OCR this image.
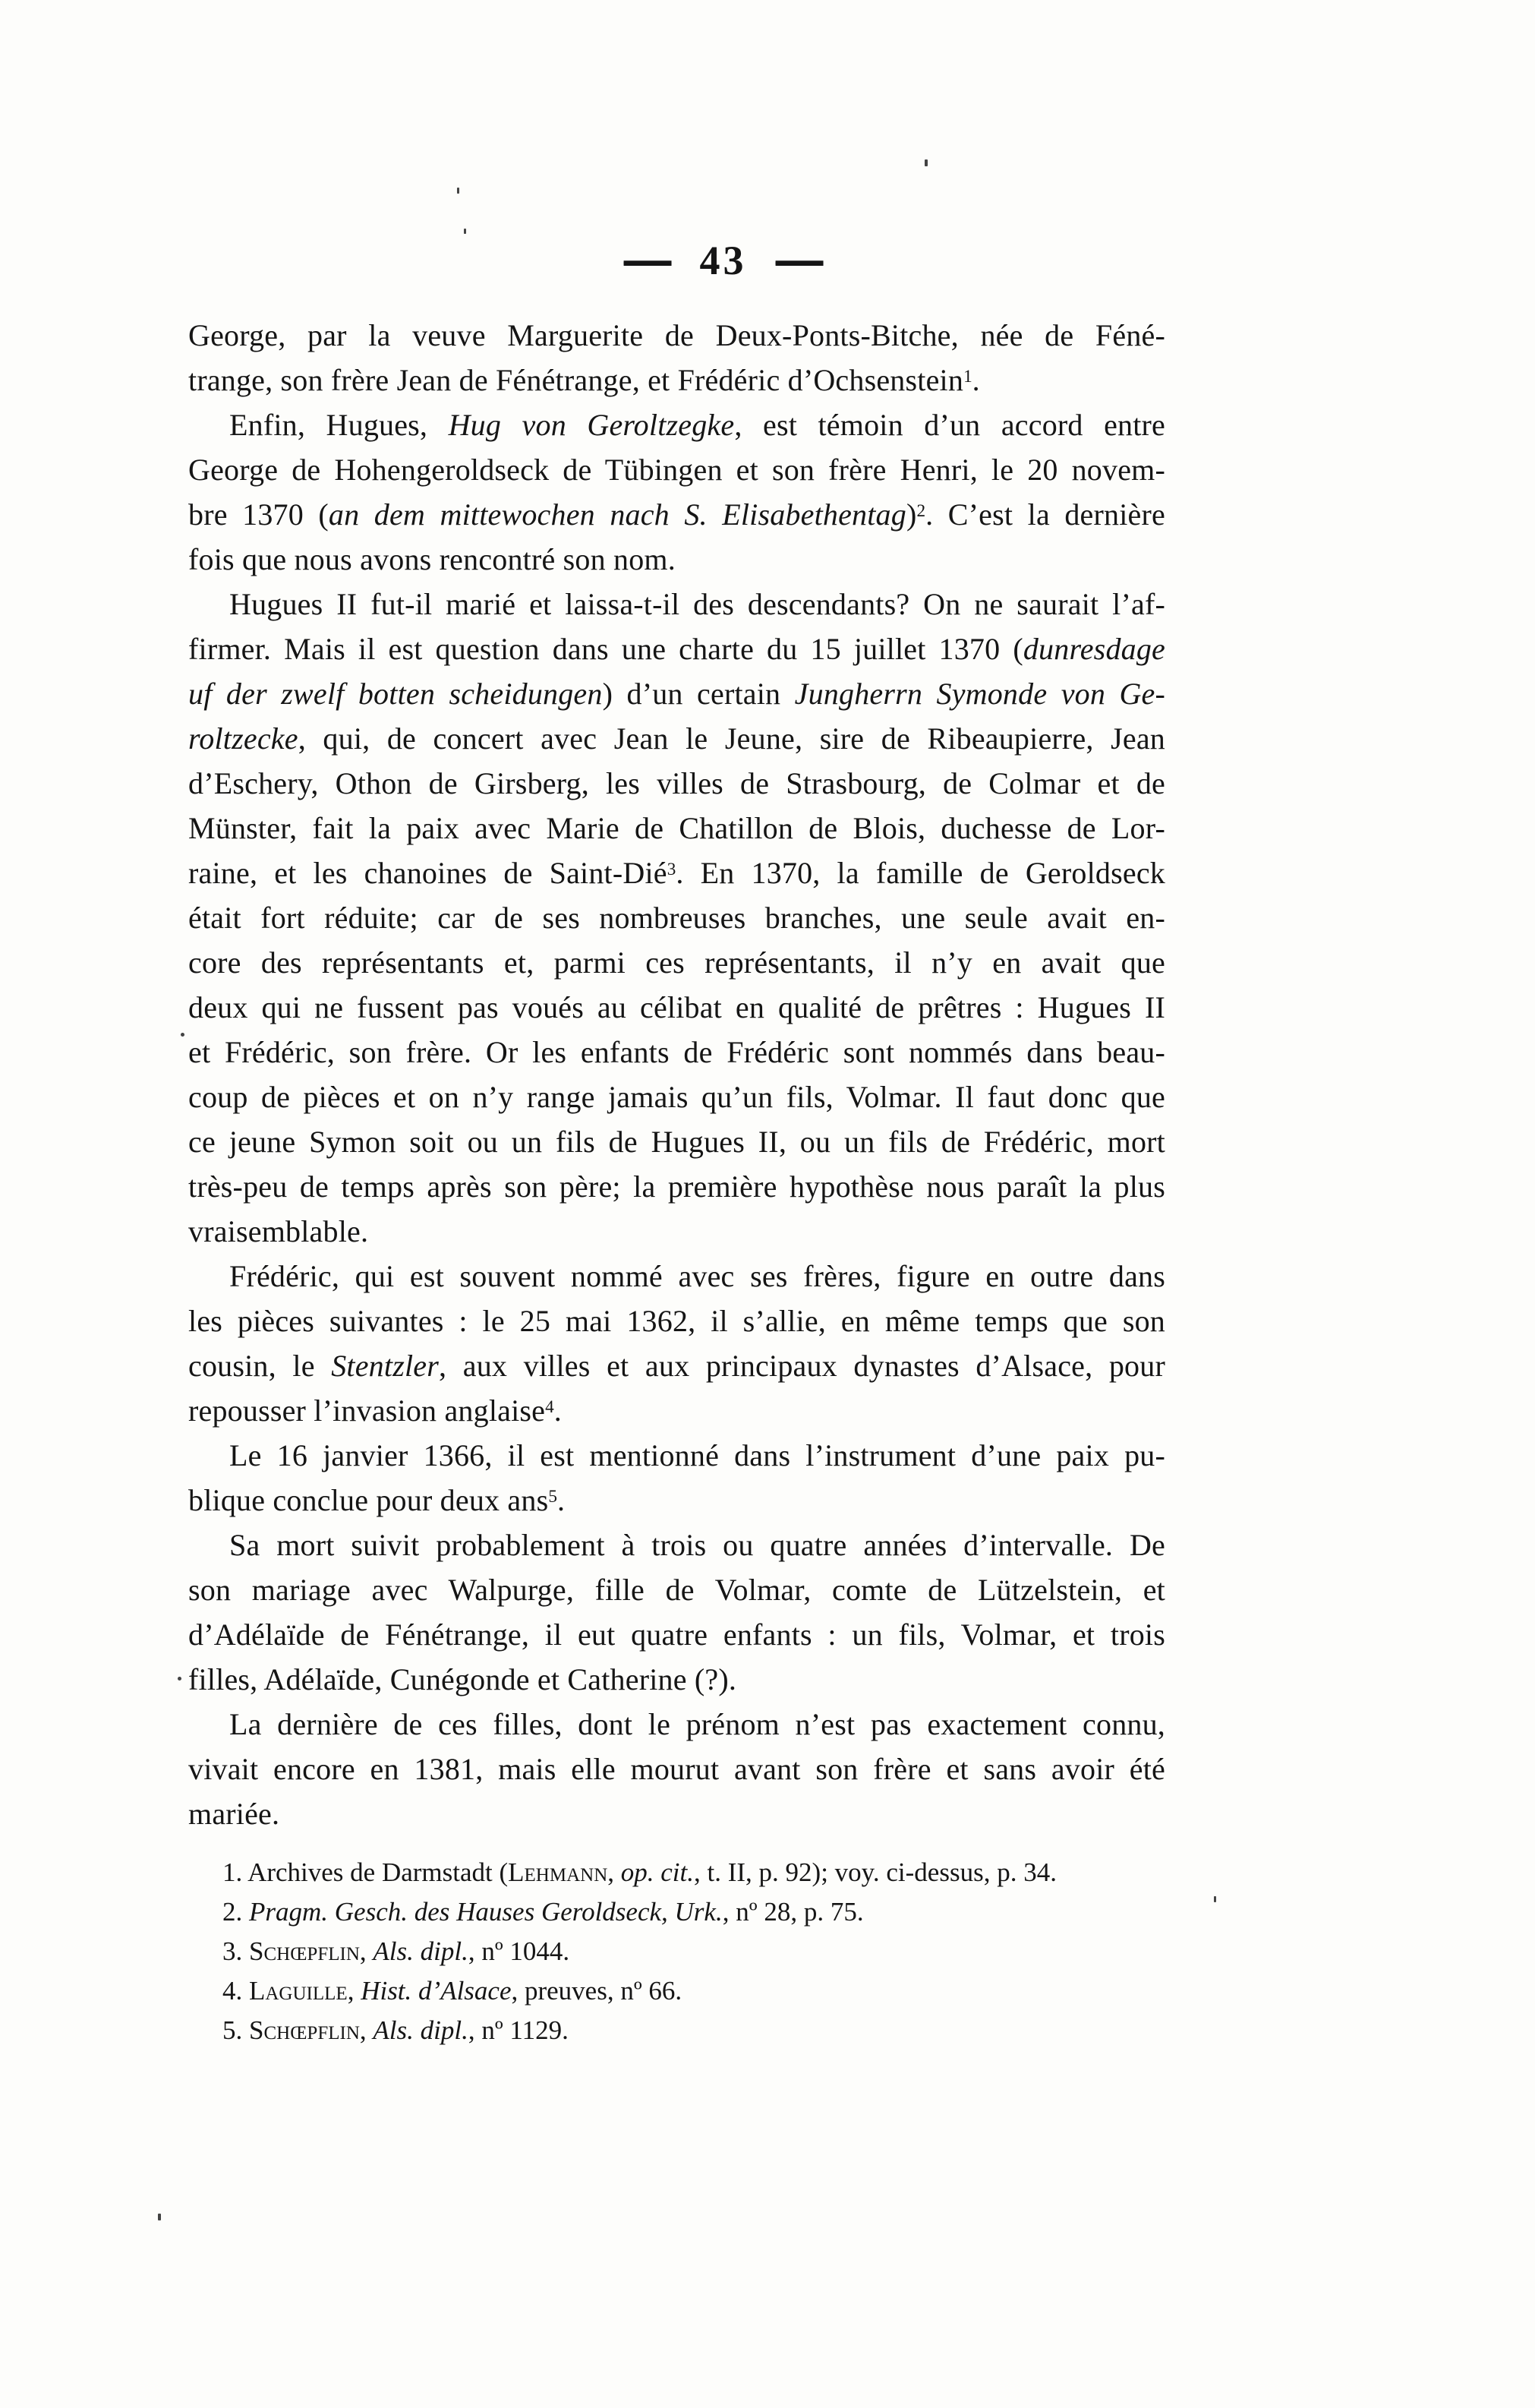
— 43 —
George, par la veuve Marguerite de Deux-Ponts-Bitche, née de Féné-
trange, son frère Jean de Fénétrange, et Frédéric d’Ochsenstein$^1$.
Enfin, Hugues, Hug von Geroltzegke, est témoin d’un accord entre
George de Hohengeroldseck de Tübingen et son frère Henri, le 20 novem-
bre 1370 (an dem mittewochen nach S. Elisabethentag)$^2$. C’est la dernière
fois que nous avons rencontré son nom.
Hugues II fut-il marié et laissa-t-il des descendants? On ne saurait l’af-
firmer. Mais il est question dans une charte du 15 juillet 1370 (dunresdage
uf der zwelf botten scheidungen) d’un certain Jungherrn Symonde von Ge-
roltzecke, qui, de concert avec Jean le Jeune, sire de Ribeaupierre, Jean
d’Eschery, Othon de Girsberg, les villes de Strasbourg, de Colmar et de
Münster, fait la paix avec Marie de Chatillon de Blois, duchesse de Lor-
raine, et les chanoines de Saint-Dié$^3$. En 1370, la famille de Geroldseck
était fort réduite; car de ses nombreuses branches, une seule avait en-
core des représentants et, parmi ces représentants, il n’y en avait que
deux qui ne fussent pas voués au célibat en qualité de prêtres : Hugues II
et Frédéric, son frère. Or les enfants de Frédéric sont nommés dans beau-
coup de pièces et on n’y range jamais qu’un fils, Volmar. Il faut donc que
ce jeune Symon soit ou un fils de Hugues II, ou un fils de Frédéric, mort
très-peu de temps après son père; la première hypothèse nous paraît la plus
vraisemblable.
Frédéric, qui est souvent nommé avec ses frères, figure en outre dans
les pièces suivantes : le 25 mai 1362, il s’allie, en même temps que son
cousin, le Stentzler, aux villes et aux principaux dynastes d’Alsace, pour
repousser l’invasion anglaise$^4$.
Le 16 janvier 1366, il est mentionné dans l’instrument d’une paix pu-
blique conclue pour deux ans$^5$.
Sa mort suivit probablement à trois ou quatre années d’intervalle. De
son mariage avec Walpurge, fille de Volmar, comte de Lützelstein, et
d’Adélaïde de Fénétrange, il eut quatre enfants : un fils, Volmar, et trois
filles, Adélaïde, Cunégonde et Catherine (?).
La dernière de ces filles, dont le prénom n’est pas exactement connu,
vivait encore en 1381, mais elle mourut avant son frère et sans avoir été
mariée.
1. Archives de Darmstadt (Lehmann, op. cit., t. II, p. 92); voy. ci-dessus, p. 34.
2. Pragm. Gesch. des Hauses Geroldseck, Urk., nº 28, p. 75.
3. Schœpflin, Als. dipl., nº 1044.
4. Laguille, Hist. d’Alsace, preuves, nº 66.
5. Schœpflin, Als. dipl., nº 1129.
